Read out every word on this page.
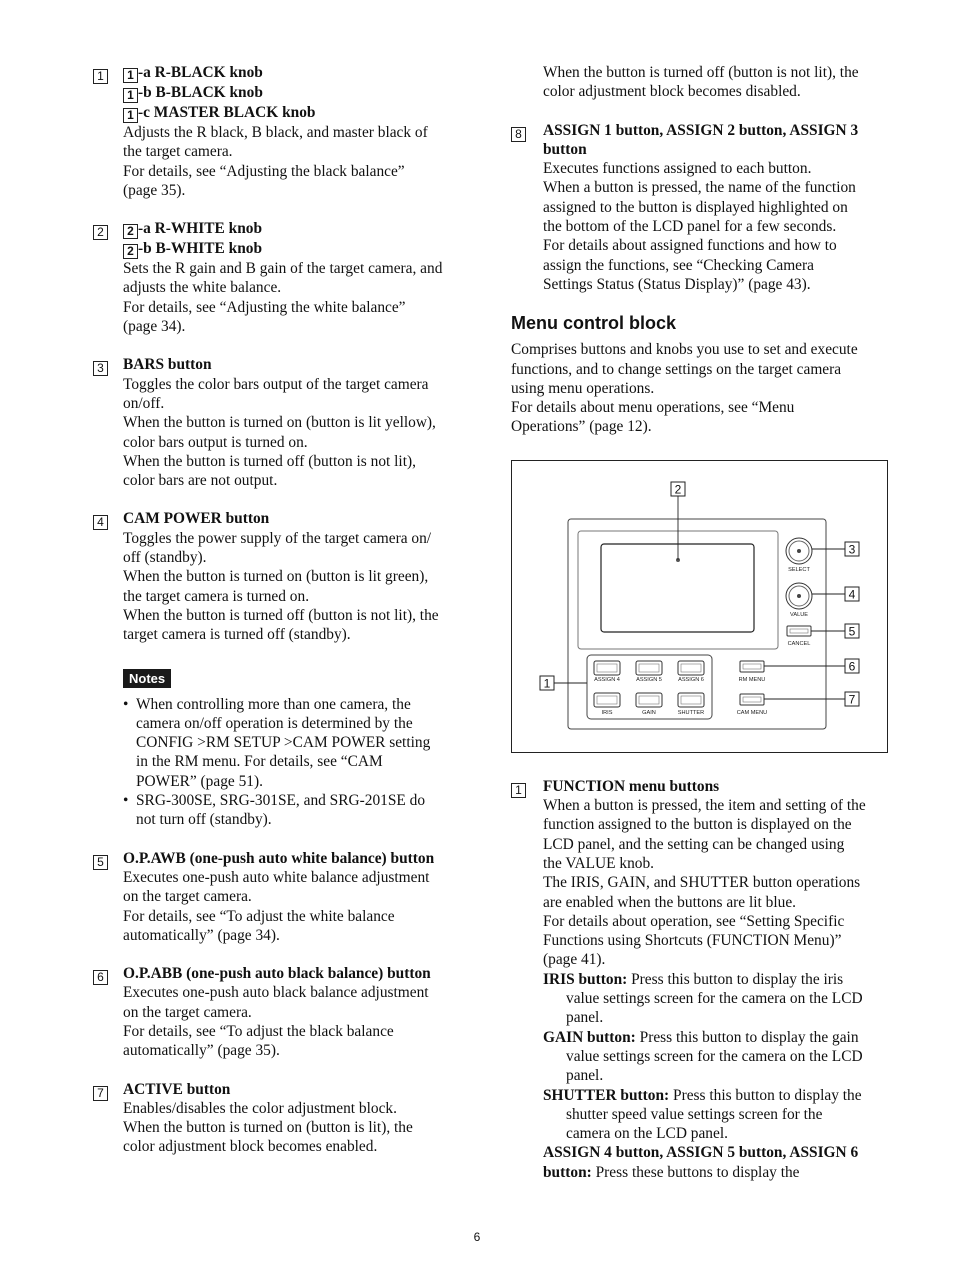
1	1 -a R-BLACK knob
1 -b B-BLACK knob
1 -c MASTER BLACK knob
Adjusts the R black, B black, and master black of
the target camera.
For details, see “Adjusting the black balance”
(page 35).
2	2 -a R-WHITE knob
2 -b B-WHITE knob
Sets the R gain and B gain of the target camera, and
adjusts the white balance.
For details, see “Adjusting the white balance”
(page 34).
3	BARS button
Toggles the color bars output of the target camera
on/off.
When the button is turned on (button is lit yellow),
color bars output is turned on.
When the button is turned off (button is not lit),
color bars are not output.
4	CAM POWER button
Toggles the power supply of the target camera on/
off (standby).
When the button is turned on (button is lit green),
the target camera is turned on.
When the button is turned off (button is not lit), the
target camera is turned off (standby).
Notes
• When controlling more than one camera, the
camera on/off operation is determined by the
CONFIG >RM SETUP >CAM POWER setting
in the RM menu. For details, see “CAM
POWER” (page 51).
• SRG-300SE, SRG-301SE, and SRG-201SE do
not turn off (standby).
5	O.P.AWB (one-push auto white balance) button
Executes one-push auto white balance adjustment
on the target camera.
For details, see “To adjust the white balance
automatically” (page 34).
6	O.P.ABB (one-push auto black balance) button
Executes one-push auto black balance adjustment
on the target camera.
For details, see “To adjust the black balance
automatically” (page 35).
7	ACTIVE button
Enables/disables the color adjustment block.
When the button is turned on (button is lit), the
color adjustment block becomes enabled.
When the button is turned off (button is not lit), the
color adjustment block becomes disabled.
8	ASSIGN 1 button, ASSIGN 2 button, ASSIGN 3
button
Executes functions assigned to each button.
When a button is pressed, the name of the function
assigned to the button is displayed highlighted on
the bottom of the LCD panel for a few seconds.
For details about assigned functions and how to
assign the functions, see “Checking Camera
Settings Status (Status Display)” (page 43).
Menu control block
Comprises buttons and knobs you use to set and execute
functions, and to change settings on the target camera
using menu operations.
For details about menu operations, see “Menu
Operations” (page 12).
1	FUNCTION menu buttons
When a button is pressed, the item and setting of the
function assigned to the button is displayed on the
LCD panel, and the setting can be changed using
the VALUE knob.
The IRIS, GAIN, and SHUTTER button operations
are enabled when the buttons are lit blue.
For details about operation, see “Setting Specific
Functions using Shortcuts (FUNCTION Menu)”
(page 41).
IRIS button: Press this button to display the iris
value settings screen for the camera on the LCD
panel.
GAIN button: Press this button to display the gain
value settings screen for the camera on the LCD
panel.
SHUTTER button: Press this button to display the
shutter speed value settings screen for the
camera on the LCD panel.
ASSIGN 4 button, ASSIGN 5 button, ASSIGN 6
button: Press these buttons to display the
SELECT
VALUE
CANCEL
ASSIGN 4	ASSIGN 5	ASSIGN 6
IRIS	GAIN	SHUTTER
RM MENU
CAM MENU
1
2
3
4
5
6
7
6
